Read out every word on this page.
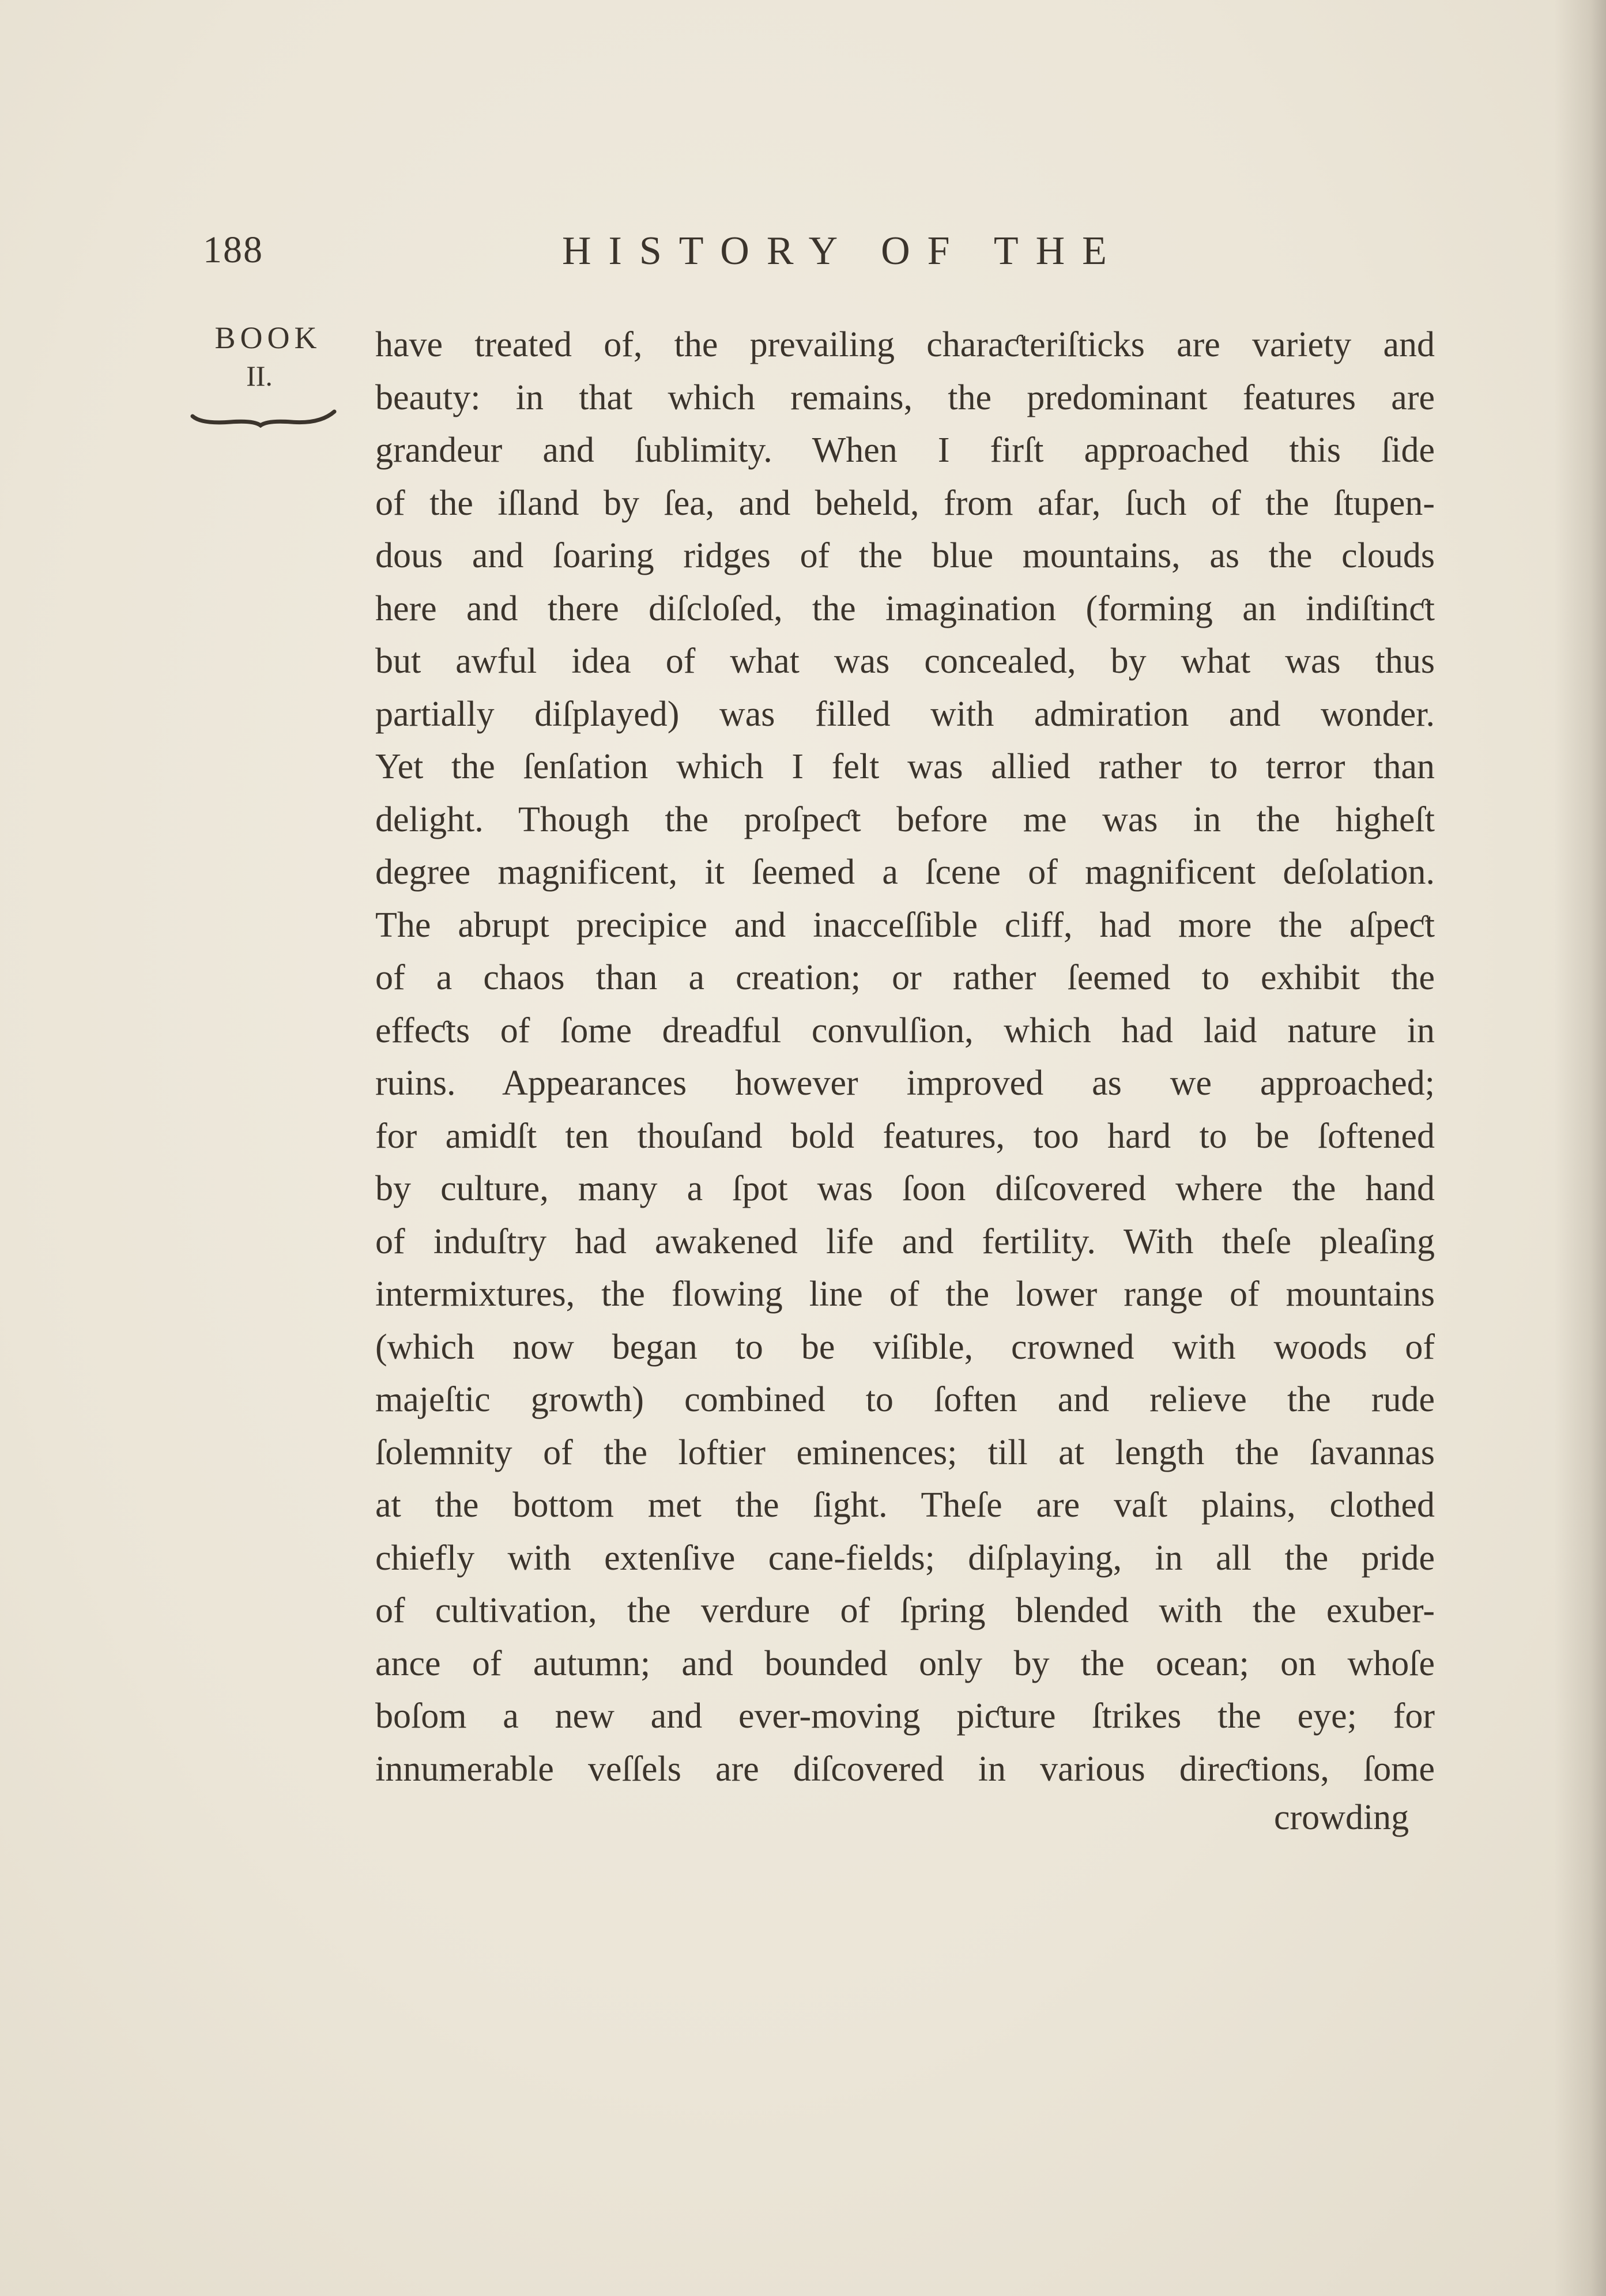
188	HISTORY OF THE
BOOK
II.
have treated of, the prevailing charaƈteriſticks are variety and
beauty: in that which remains, the predominant features are
grandeur and ſublimity. When I firſt approached this ſide
of the iſland by ſea, and beheld, from afar, ſuch of the ſtupen-
dous and ſoaring ridges of the blue mountains, as the clouds
here and there diſcloſed, the imagination (forming an indiſtinƈt
but awful idea of what was concealed, by what was thus
partially diſplayed) was filled with admiration and wonder.
Yet the ſenſation which I felt was allied rather to terror than
delight. Though the proſpeƈt before me was in the higheſt
degree magnificent, it ſeemed a ſcene of magnificent deſolation.
The abrupt precipice and inacceſſible cliff, had more the aſpeƈt
of a chaos than a creation; or rather ſeemed to exhibit the
effeƈts of ſome dreadful convulſion, which had laid nature in
ruins. Appearances however improved as we approached;
for amidſt ten thouſand bold features, too hard to be ſoftened
by culture, many a ſpot was ſoon diſcovered where the hand
of induſtry had awakened life and fertility. With theſe pleaſing
intermixtures, the flowing line of the lower range of mountains
(which now began to be viſible, crowned with woods of
majeſtic growth) combined to ſoften and relieve the rude
ſolemnity of the loftier eminences; till at length the ſavannas
at the bottom met the ſight. Theſe are vaſt plains, clothed
chiefly with extenſive cane-fields; diſplaying, in all the pride
of cultivation, the verdure of ſpring blended with the exuber-
ance of autumn; and bounded only by the ocean; on whoſe
boſom a new and ever-moving piƈture ſtrikes the eye; for
innumerable veſſels are diſcovered in various direƈtions, ſome
crowding
